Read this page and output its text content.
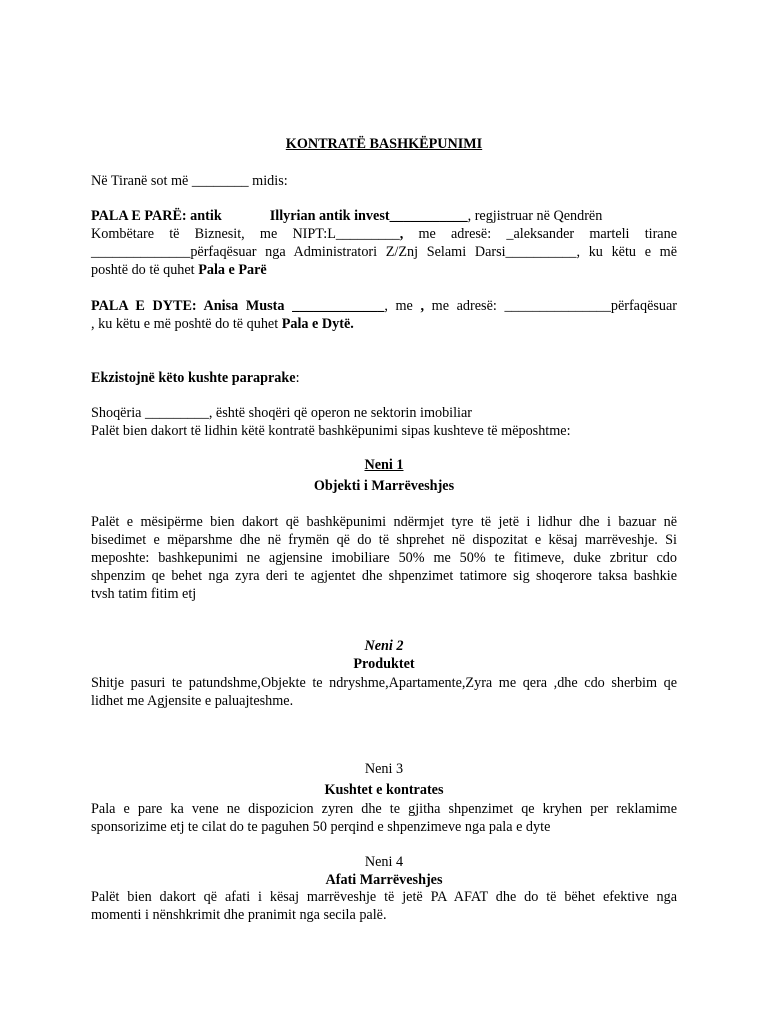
KONTRATË BASHKËPUNIMI
Në Tiranë sot më ________ midis:
PALA E PARË: antik	Illyrian antik invest___________, regjistruar në Qendrën
Kombëtare të Biznesit, me NIPT:L_________, me adresë: _aleksander marteli tirane
______________përfaqësuar nga Administratori Z/Znj Selami Darsi__________, ku këtu e më
poshtë do të quhet Pala e Parë
PALA E DYTE: Anisa Musta _____________, me , me adresë: _______________përfaqësuar
, ku këtu e më poshtë do të quhet Pala e Dytë.
Ekzistojnë këto kushte paraprake:
Shoqëria _________, është shoqëri që operon ne sektorin imobiliar
Palët bien dakort të lidhin këtë kontratë bashkëpunimi sipas kushteve të mëposhtme:
Neni 1
Objekti i Marrëveshjes
Palët e mësipërme bien dakort që bashkëpunimi ndërmjet tyre të jetë i lidhur dhe i bazuar në
bisedimet e mëparshme dhe në frymën që do të shprehet në dispozitat e kësaj marrëveshje. Si
meposhte: bashkepunimi ne agjensine imobiliare 50% me 50% te fitimeve, duke zbritur cdo
shpenzim qe behet nga zyra deri te agjentet dhe shpenzimet tatimore sig shoqerore taksa bashkie
tvsh tatim fitim etj
Neni 2
Produktet
Shitje pasuri te patundshme,Objekte te ndryshme,Apartamente,Zyra me qera ,dhe cdo sherbim qe
lidhet me Agjensite e paluajteshme.
Neni 3
Kushtet e kontrates
Pala e pare ka vene ne dispozicion zyren dhe te gjitha shpenzimet qe kryhen per reklamime
sponsorizime etj te cilat do te paguhen 50 perqind e shpenzimeve nga pala e dyte
Neni 4
Afati Marrëveshjes
Palët bien dakort që afati i kësaj marrëveshje të jetë PA AFAT dhe do të bëhet efektive nga
momenti i nënshkrimit dhe pranimit nga secila palë.
